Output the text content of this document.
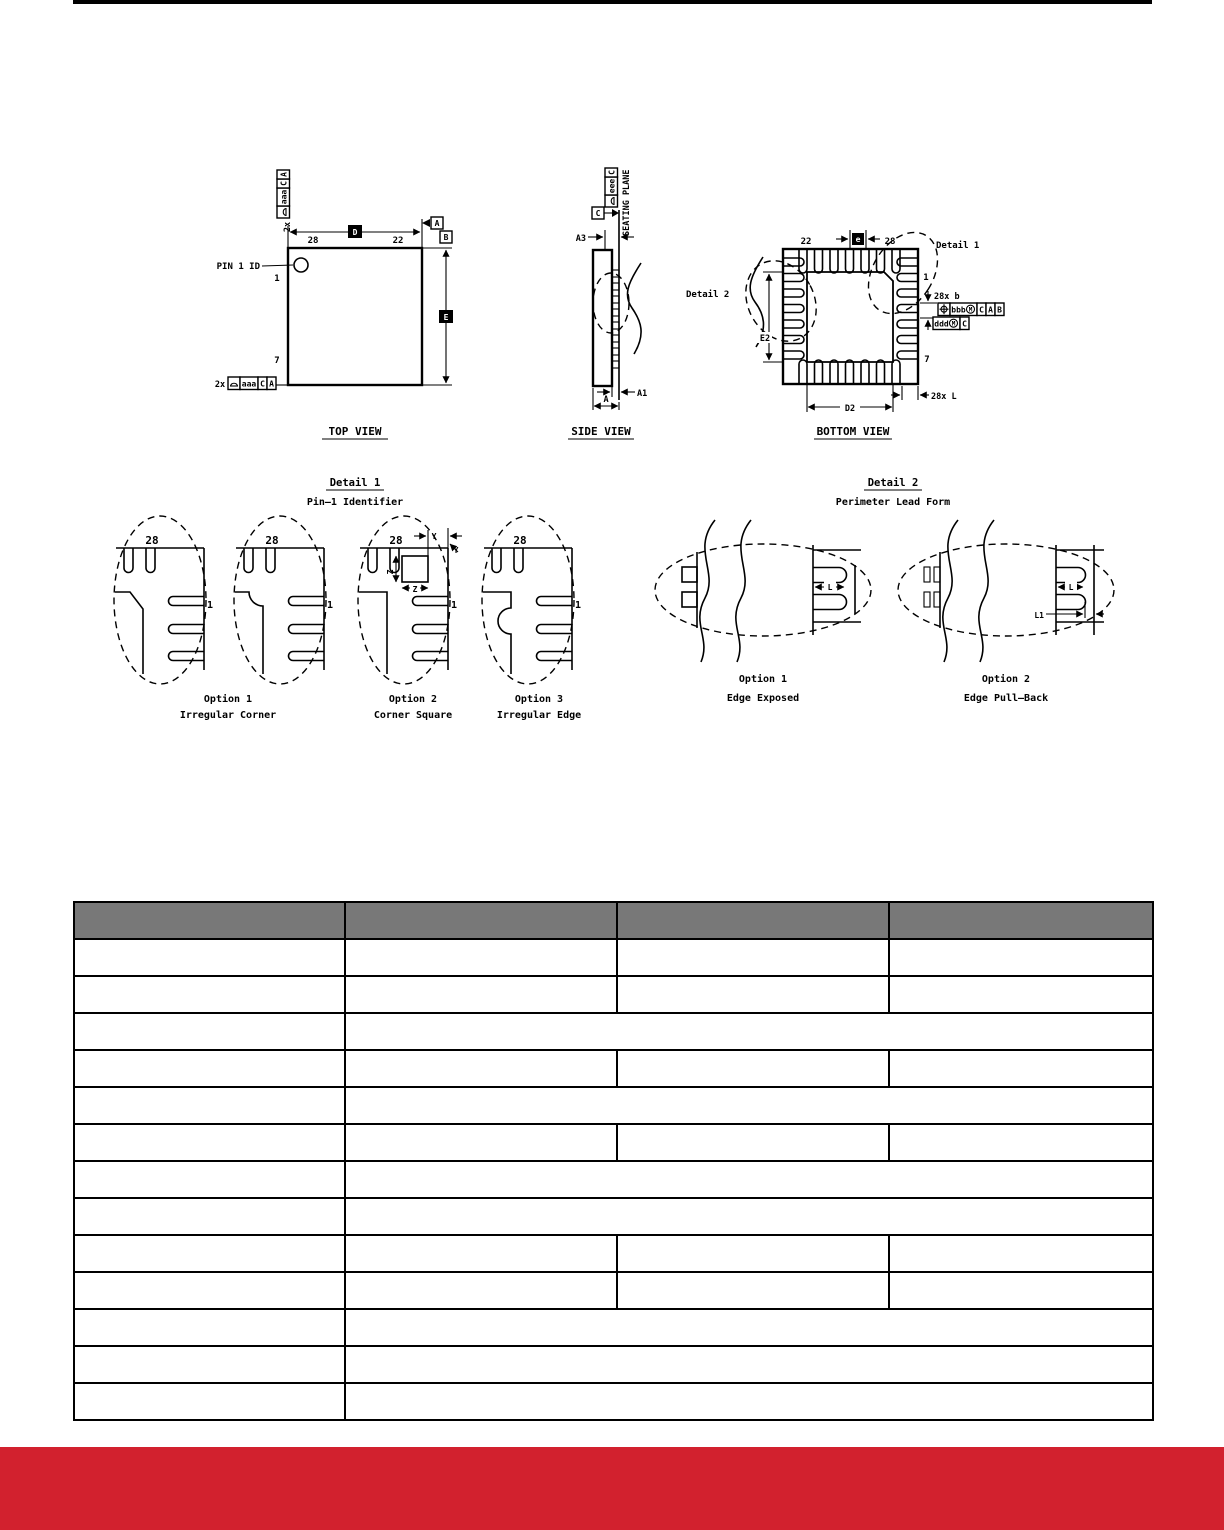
D
28	22
A
B
E
PIN 1 ID
1
7
2x
2x
TOP VIEW
A3
C	SEATING PLANE
A1
A
SIDE VIEW
Detail 2
22	28
1
7
Detail 1
e
28x b
28x L
E2
D2
BOTTOM VIEW
Detail 1
Pin—1 Identifier
28
1
28
1
28
1
28
1
Y
Y
Z
Z
Option 1
Irregular Corner
Option 2
Corner Square
Option 3
Irregular Edge
Detail 2
Perimeter Lead Form
L	L
L1
Option 1
Edge Exposed
Option 2
Edge Pull—Back
aaa C A
aaa
C
A
eee
C
bbb M C A B
ddd M C
